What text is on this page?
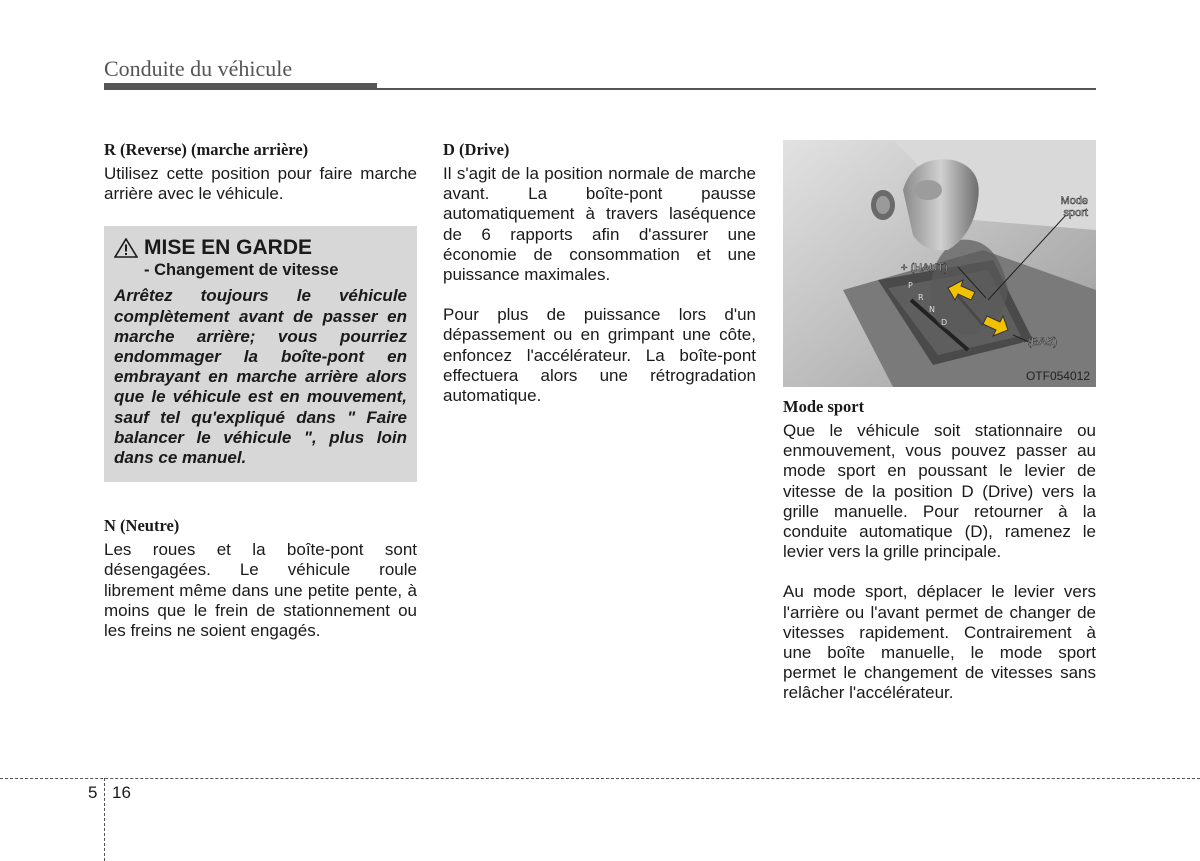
Conduite du véhicule

R (Reverse) (marche arrière)

Utilisez cette position pour faire marche arrière avec le véhicule.

MISE EN GARDE

- Changement de vitesse

Arrêtez toujours le véhicule complètement avant de passer en marche arrière; vous pourriez endommager la boîte-pont en embrayant en marche arrière alors que le véhicule est en mouvement, sauf tel qu'expliqué dans " Faire balancer le véhicule ", plus loin dans ce manuel.

N (Neutre)

Les roues et la boîte-pont sont désengagées. Le véhicule roule librement même dans une petite pente, à moins que le frein de stationnement ou les freins ne soient engagés.

D (Drive)

Il s'agit de la position normale de marche avant. La boîte-pont pausse automatiquement à travers laséquence de 6 rapports afin d'assurer une économie de consommation et une puissance maximales.

Pour plus de puissance lors d'un dépassement ou en grimpant une côte, enfoncez l'accélérateur. La boîte-pont effectuera alors une rétrogradation automatique.

P
R
N
D
Mode
sport
+ (HAUT)
- (BAS)
OTF054012

Mode sport

Que le véhicule soit stationnaire ou enmouvement, vous pouvez passer au mode sport en poussant le levier de vitesse de la position D (Drive) vers la grille manuelle. Pour retourner à la conduite automatique (D), ramenez le levier vers la grille principale.

Au mode sport, déplacer le levier vers l'arrière ou l'avant permet de changer de vitesses rapidement. Contrairement à une boîte manuelle, le mode sport permet le changement de vitesses sans relâcher l'accélérateur.

5 16
